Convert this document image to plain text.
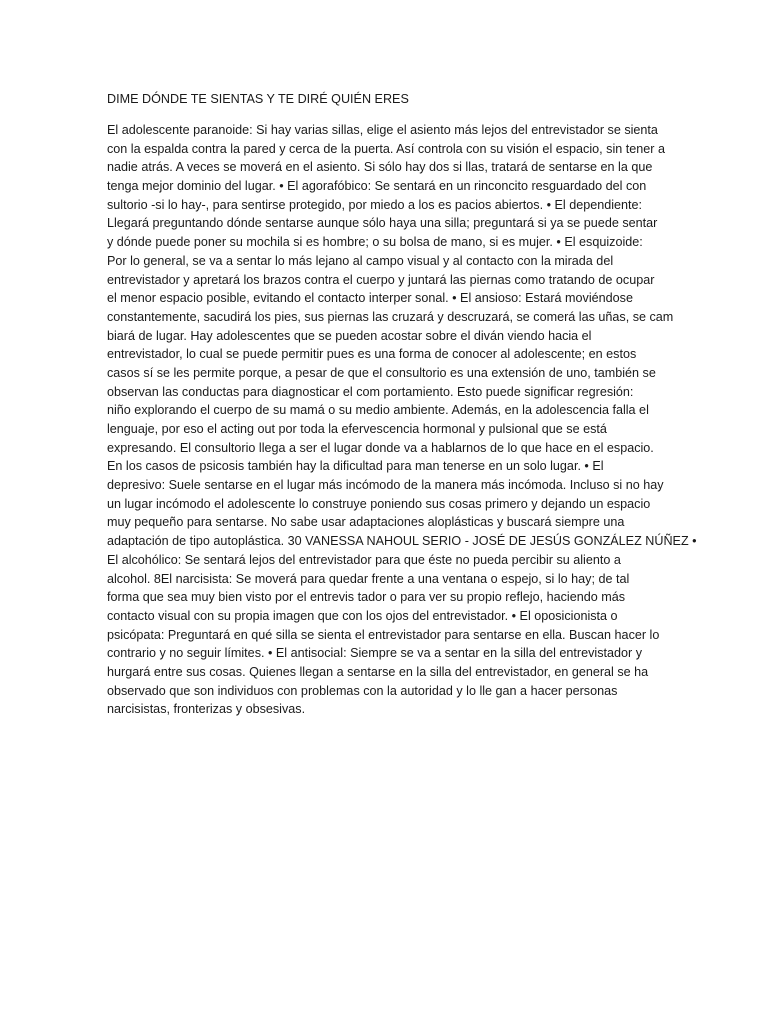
DIME DÓNDE TE SIENTAS Y TE DIRÉ QUIÉN ERES

El adolescente paranoide: Si hay varias sillas, elige el asiento más lejos del entrevistador se sienta
con la espalda contra la pared y cerca de la puerta. Así controla con su visión el espacio, sin tener a
nadie atrás. A veces se moverá en el asiento. Si sólo hay dos si llas, tratará de sentarse en la que
tenga mejor dominio del lugar. • El agorafóbico: Se sentará en un rinconcito resguardado del con
sultorio -si lo hay-, para sentirse protegido, por miedo a los es pacios abiertos. • El dependiente:
Llegará preguntando dónde sentarse aunque sólo haya una silla; preguntará si ya se puede sentar
y dónde puede poner su mochila si es hombre; o su bolsa de mano, si es mujer. • El esquizoide:
Por lo general, se va a sentar lo más lejano al campo visual y al contacto con la mirada del
entrevistador y apretará los brazos contra el cuerpo y juntará las piernas como tratando de ocupar
el menor espacio posible, evitando el contacto interper sonal. • El ansioso: Estará moviéndose
constantemente, sacudirá los pies, sus piernas las cruzará y descruzará, se comerá las uñas, se cam
biará de lugar. Hay adolescentes que se pueden acostar sobre el diván viendo hacia el
entrevistador, lo cual se puede permitir pues es una forma de conocer al adolescente; en estos
casos sí se les permite porque, a pesar de que el consultorio es una extensión de uno, también se
observan las conductas para diagnosticar el com portamiento. Esto puede significar regresión:
niño explorando el cuerpo de su mamá o su medio ambiente. Además, en la adolescencia falla el
lenguaje, por eso el acting out por toda la efervescencia hormonal y pulsional que se está
expresando. El consultorio llega a ser el lugar donde va a hablarnos de lo que hace en el espacio.
En los casos de psicosis también hay la dificultad para man tenerse en un solo lugar. • El
depresivo: Suele sentarse en el lugar más incómodo de la manera más incómoda. Incluso si no hay
un lugar incómodo el adolescente lo construye poniendo sus cosas primero y dejando un espacio
muy pequeño para sentarse. No sabe usar adaptaciones aloplásticas y buscará siempre una
adaptación de tipo autoplástica. 30 VANESSA NAHOUL SERIO - JOSÉ DE JESÚS GONZÁLEZ NÚÑEZ •
El alcohólico: Se sentará lejos del entrevistador para que éste no pueda percibir su aliento a
alcohol. 8El narcisista: Se moverá para quedar frente a una ventana o espejo, si lo hay; de tal
forma que sea muy bien visto por el entrevis tador o para ver su propio reflejo, haciendo más
contacto visual con su propia imagen que con los ojos del entrevistador. • El oposicionista o
psicópata: Preguntará en qué silla se sienta el entrevistador para sentarse en ella. Buscan hacer lo
contrario y no seguir límites. • El antisocial: Siempre se va a sentar en la silla del entrevistador y
hurgará entre sus cosas. Quienes llegan a sentarse en la silla del entrevistador, en general se ha
observado que son individuos con problemas con la autoridad y lo lle gan a hacer personas
narcisistas, fronterizas y obsesivas.
